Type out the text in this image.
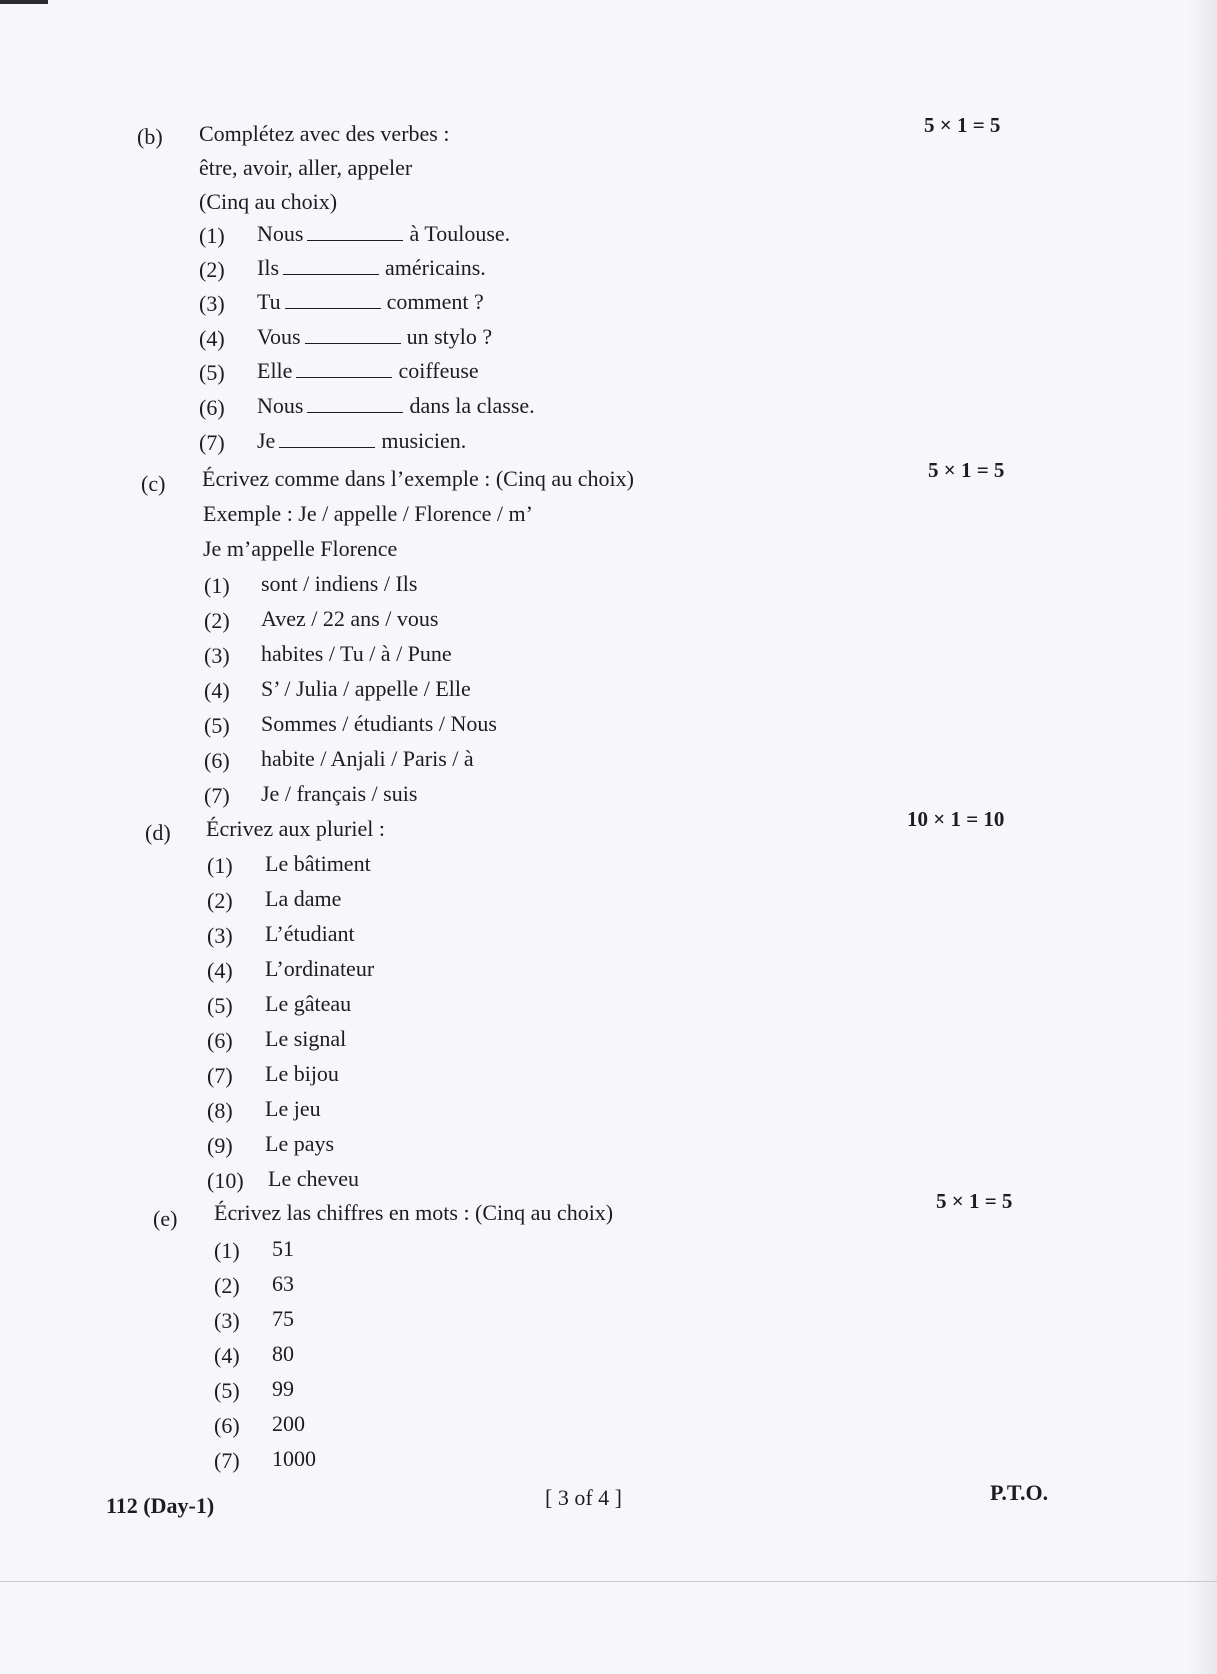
(b) Complétez avec des verbes :	5 × 1 = 5
être, avoir, aller, appeler
(Cinq au choix)
(1) Nous	à Toulouse.
(2) Ils	américains.
(3) Tu	comment ?
(4) Vous	un stylo ?
(5) Elle	coiffeuse
(6) Nous	dans la classe.
(7) Je	musicien.
(c) Écrivez comme dans l’exemple : (Cinq au choix)	5 × 1 = 5
Exemple : Je / appelle / Florence / m’
Je m’appelle Florence
(1) sont / indiens / Ils
(2) Avez / 22 ans / vous
(3) habites / Tu / à / Pune
(4) S’ / Julia / appelle / Elle
(5) Sommes / étudiants / Nous
(6) habite / Anjali / Paris / à
(7) Je / français / suis
(d) Écrivez aux pluriel :	10 × 1 = 10
(1) Le bâtiment
(2) La dame
(3) L’étudiant
(4) L’ordinateur
(5) Le gâteau
(6) Le signal
(7) Le bijou
(8) Le jeu
(9) Le pays
(10) Le cheveu
(e) Écrivez las chiffres en mots : (Cinq au choix)	5 × 1 = 5
(1) 51
(2) 63
(3) 75
(4) 80
(5) 99
(6) 200
(7) 1000
112 (Day-1)	[ 3 of 4 ]	P.T.O.
